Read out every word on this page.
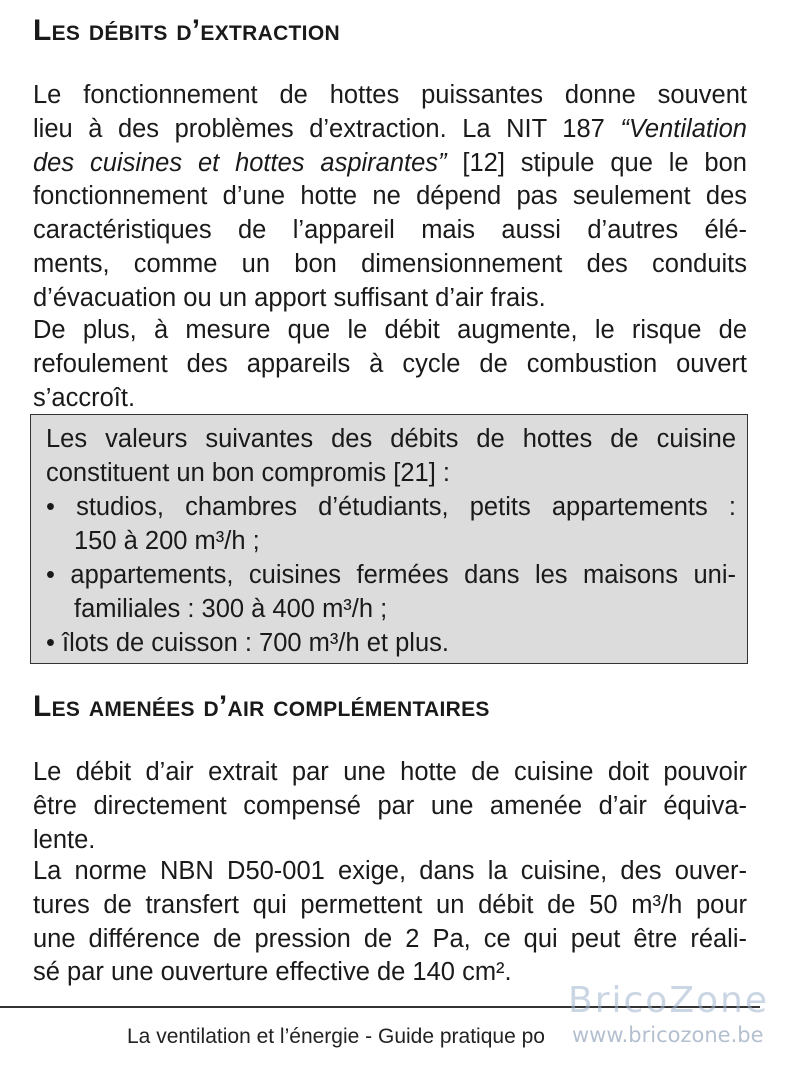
Les débits d’extraction
Le fonctionnement de hottes puissantes donne souvent
lieu à des problèmes d’extraction. La NIT 187 “Ventilation
des cuisines et hottes aspirantes” [12] stipule que le bon
fonctionnement d’une hotte ne dépend pas seulement des
caractéristiques de l’appareil mais aussi d’autres élé-
ments, comme un bon dimensionnement des conduits
d’évacuation ou un apport suffisant d’air frais.
De plus, à mesure que le débit augmente, le risque de
refoulement des appareils à cycle de combustion ouvert
s’accroît.
Les valeurs suivantes des débits de hottes de cuisine
constituent un bon compromis [21] :
• studios, chambres d’étudiants, petits appartements :
150 à 200 m³/h ;
• appartements, cuisines fermées dans les maisons uni-
familiales : 300 à 400 m³/h ;
• îlots de cuisson : 700 m³/h et plus.
Les amenées d’air complémentaires
Le débit d’air extrait par une hotte de cuisine doit pouvoir
être directement compensé par une amenée d’air équiva-
lente.
La norme NBN D50-001 exige, dans la cuisine, des ouver-
tures de transfert qui permettent un débit de 50 m³/h pour
une différence de pression de 2 Pa, ce qui peut être réali-
sé par une ouverture effective de 140 cm².
La ventilation et l’énergie - Guide pratique po
BricoZone
www.bricozone.be
